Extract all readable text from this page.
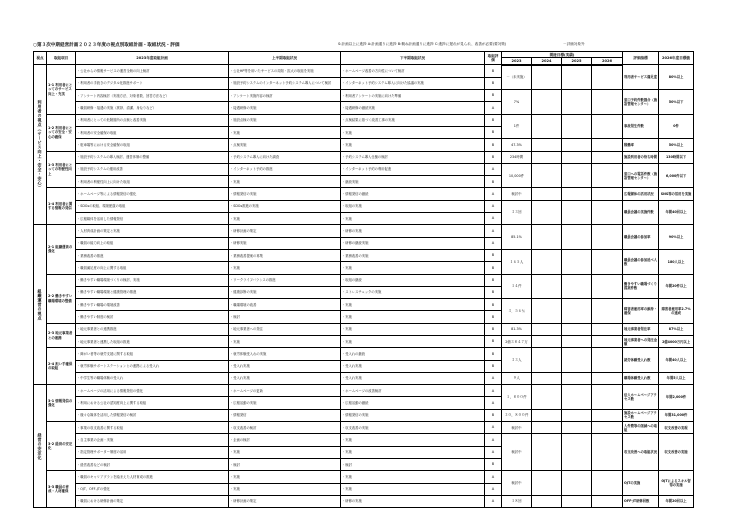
○第３次中期経営計画２０２３年度の視点別取組計画・取組状況・評価	S:計画以上に進捗 A:計画通りに進捗 B:概ね計画通りに進捗 C:進捗に遅れが見られ、改善が必要(要対策)	－評価対象外
視点	取組項目	2023年度取組計画	上半期取組状況	下半期取組状況	取組評価	間接目標(実績)				評価指標	2026年度目標値
						2023	2024	2025	2026		
利用者の視点（サービス向上・安全・安心）	1-1 利用者にとってのサービス向上・充実	・公社からの情報サービスの運営全般の向上検討	・公社HP等を用いたサービスの周知・拡大の取組を実施	・ホームページ改善の方向性について検討	B	－（未実施）				利用者サービス満足度	80%以上
		・利用者の手続きのデジタル化推進サポート	・施設予約システムのインターネット予約システム導入について検討	・インターネット予約システム導入に向けた協議の実施	B						
		・アンケート内容検討（実施方法、対象者数、回答方法など）	・アンケート実施内容の検討	・利用者アンケートの実施に向けた準備	B	7%				窓口予約件数割合（施設管理センター）	50%以下
		・職員研修・接遇の実施（挨拶、清潔、身なりなど）	・接遇研修の実施	・接遇研修の継続実施	A						
	1-2 利用者にとっての安全・安心の確保	・利用者にとっての危険箇所の点検と改善実施	・施設点検の実施	・点検結果に基づく改善工事の実施	B	1件				事故発生件数	0件
		・利用者の安全確保の取組	・実施	・実施	B						
		・駐車場等における安全確保の取組	・点検実施	・実施	B	47.3%				稼働率	50%以上
	1-3 利用者にとっての利便性向上	・施設予約システムの導入検討、運営体制の整備	・予約システム導入に向けた調査	・予約システム導入仕様の検討	B	234時間				施設利用者の待ち時間	130時間以下
		・施設予約システムの運用改善	・インターネット予約の推進	・インターネット予約の利用促進	A	10,000件				窓口への電話件数（施設管理センター）	6,000件以下
		・利用者の利便性向上に向けた取組	・実施	・継続実施	B						
	1-4 利用者に関する情報の発信	・ホームページ等による情報発信の強化	・情報発信の実施	・情報発信の継続	A	検討中				広報媒体の活用状況	SNS等の活用を実施
		・SDGsの取組、環境配慮の取組	・SDGs推進の実施	・取組の実施	A	３３回				職員会議の実施件数	年間40回以上
		・広報媒体を活用した情報発信	・実施	・実施	A						
組織運営の視点	2-1 組織運営の強化	・人材育成計画の策定と実施	・研修計画の策定	・研修の実施	A	85.1%				職員会議の参加率	90%以上
		・職員の能力向上の取組	・研修実施	・研修の継続実施	A						
		・業務改善の推進	・業務改善提案の募集	・業務改善の実施	B	１６５人				職員会議の参加延べ人数	180人以上
		・職員満足度の向上に関する取組	・実施	・実施	B						
	2-2 働きやすい職場環境の整備	・働きやすい職場環境づくりの検討、実施	・ワークライフバランスの推進	・取組の継続	B	１４件				働きやすい職場づくり提案件数	年間20件以上
		・働きやすい職場環境と健康管理の推進	・健康診断の実施	・ストレスチェックの実施	B						
		・働きやすい職場の環境改善	・職場環境の改善	・実施	B	３．５６％				障害者雇用率の維持・確保	障害者雇用率2.7%の達成
		・働きやすい制度の検討	・検討	・実施	B						
	2-3 地元事業者との連携	・地元事業者との連携推進	・地元事業者への発注	・実施	B	81.3%				地元事業者発注率	87%以上
		・地元事業者と連携した取組の推進	・実施	・実施	B	2億３８４７万				地元事業者への発注金額	2億4000万円以上
	2-4 担い手確保の取組	・障がい者等の就労支援に関する取組	・就労体験受入れの実施	・受入れの継続	B	３３人				就労体験受入れ数	年間40人以上
		・就労体験サポートステーションとの連携による受入れ	・受入れ実施	・受入れ実施	B						
		・中学生等の職場体験の受入れ	・受入れ実施	・受入れ実施	A	９人				職場体験受入れ数	年間5人以上
経営の安定化	3-1 情報発信の強化	・ホームページの活用による情報発信の強化	・ホームページの更新	・ホームページの改善検討	A	１，８００件				法人ホームページアクセス数	年間2,000件
		・利用における公社の認知度向上に関する取組	・広報活動の実施	・広報活動の継続	A						
		・様々な媒体を活用した情報発信の検討	・情報発信	・情報発信の実施	B	３０，８００件				施設ホームページアクセス数	年間31,000件
	3-2 経営の安定化	・事業の収支改善に関する取組	・収支改善の検討	・収支改善の実施	A	検討中				人件費等の削減への取組	収支改善の実現
		・自主事業の企画・実施	・企画の検討	・実施	A	検討中				収支改善への取組状況	収支改善の実施
		・指定管理サポーター制度の活用	・実施	・実施	A						
		・経営改善などの検討	・検討	・検討	B						
	3-3 職員の育成・人材確保	・職員のキャリアプランを踏まえた人材育成の推進	・実施	・実施	A	検討中				OJTの実施	OJTによるスキル習得の実施
		・OJT、OFF-JTの強化	・実施	・実施	A						
		・職員における研修計画の策定	・研修計画の策定	・研修の実施	A	１８回				OFF-JT研修回数	年間20回以上
